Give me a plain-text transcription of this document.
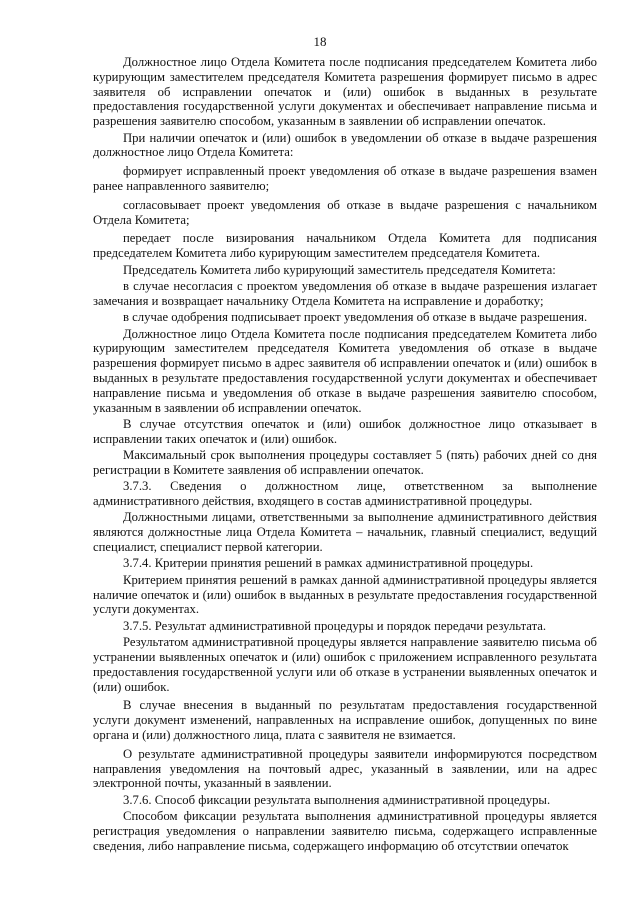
18

Должностное лицо Отдела Комитета после подписания председателем Комитета либо курирующим заместителем председателя Комитета разрешения формирует письмо в адрес заявителя об исправлении опечаток и (или) ошибок в выданных в результате предоставления государственной услуги документах и обеспечивает направление письма и разрешения заявителю способом, указанным в заявлении об исправлении опечаток.

При наличии опечаток и (или) ошибок в уведомлении об отказе в выдаче разрешения должностное лицо Отдела Комитета:

формирует исправленный проект уведомления об отказе в выдаче разрешения взамен ранее направленного заявителю;

согласовывает проект уведомления об отказе в выдаче разрешения с начальником Отдела Комитета;

передает после визирования начальником Отдела Комитета для подписания председателем Комитета либо курирующим заместителем председателя Комитета.

Председатель Комитета либо курирующий заместитель председателя Комитета:

в случае несогласия с проектом уведомления об отказе в выдаче разрешения излагает замечания и возвращает начальнику Отдела Комитета на исправление и доработку;

в случае одобрения подписывает проект уведомления об отказе в выдаче разрешения.

Должностное лицо Отдела Комитета после подписания председателем Комитета либо курирующим заместителем председателя Комитета уведомления об отказе в выдаче разрешения формирует письмо в адрес заявителя об исправлении опечаток и (или) ошибок в выданных в результате предоставления государственной услуги документах и обеспечивает направление письма и уведомления об отказе в выдаче разрешения заявителю способом, указанным в заявлении об исправлении опечаток.

В случае отсутствия опечаток и (или) ошибок должностное лицо отказывает в исправлении таких опечаток и (или) ошибок.

Максимальный срок выполнения процедуры составляет 5 (пять) рабочих дней со дня регистрации в Комитете заявления об исправлении опечаток.

3.7.3. Сведения о должностном лице, ответственном за выполнение административного действия, входящего в состав административной процедуры.

Должностными лицами, ответственными за выполнение административного действия являются должностные лица Отдела Комитета – начальник, главный специалист, ведущий специалист, специалист первой категории.

3.7.4. Критерии принятия решений в рамках административной процедуры.

Критерием принятия решений в рамках данной административной процедуры является наличие опечаток и (или) ошибок в выданных в результате предоставления государственной услуги документах.

3.7.5. Результат административной процедуры и порядок передачи результата.

Результатом административной процедуры является направление заявителю письма об устранении выявленных опечаток и (или) ошибок с приложением исправленного результата предоставления государственной услуги или об отказе в устранении выявленных опечаток и (или) ошибок.

В случае внесения в выданный по результатам предоставления государственной услуги документ изменений, направленных на исправление ошибок, допущенных по вине органа и (или) должностного лица, плата с заявителя не взимается.

О результате административной процедуры заявители информируются посредством направления уведомления на почтовый адрес, указанный в заявлении, или на адрес электронной почты, указанный в заявлении.

3.7.6. Способ фиксации результата выполнения административной процедуры.

Способом фиксации результата выполнения административной процедуры является регистрация уведомления о направлении заявителю письма, содержащего исправленные сведения, либо направление письма, содержащего информацию об отсутствии опечаток
